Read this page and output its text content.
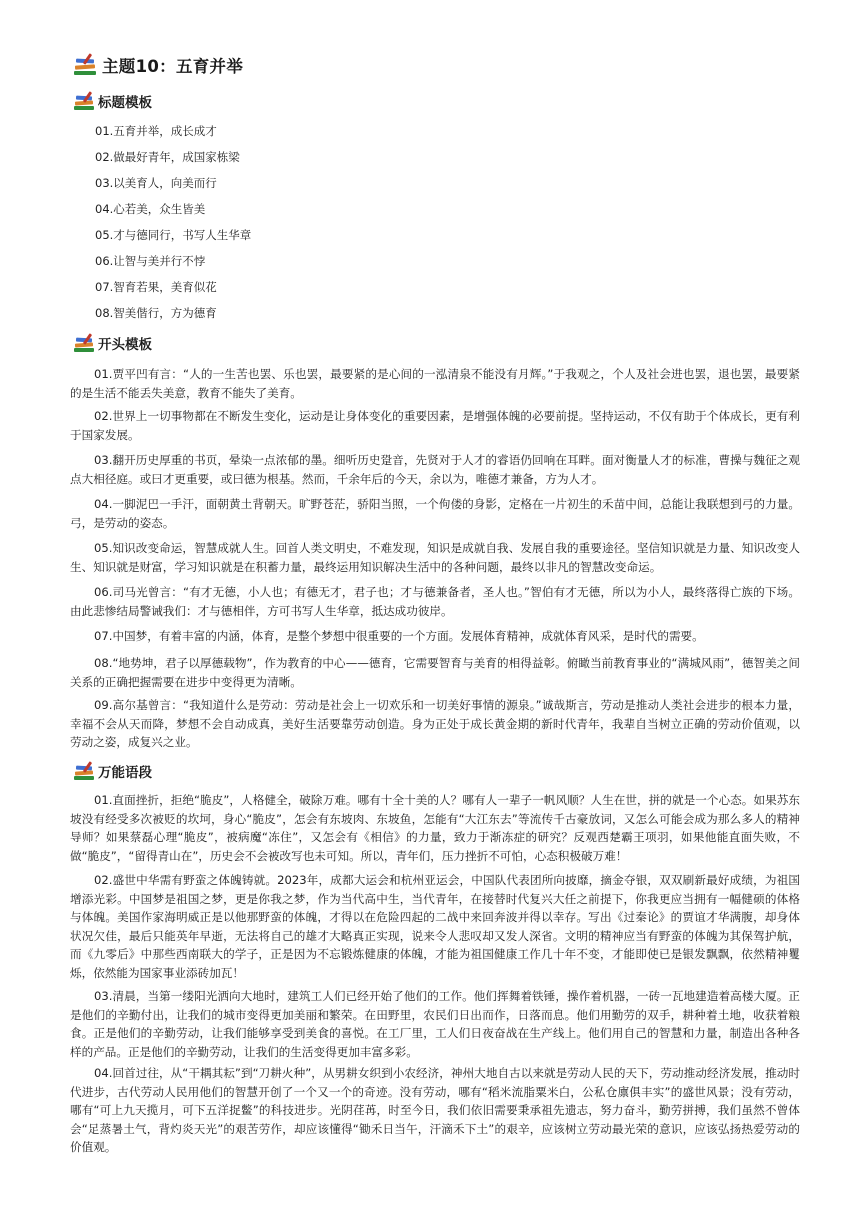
主题10：五育并举
标题模板
01.五育并举，成长成才
02.做最好青年，成国家栋梁
03.以美育人，向美而行
04.心若美，众生皆美
05.才与德同行，书写人生华章
06.让智与美并行不悖
07.智育若果，美育似花
08.智美偕行，方为德育
开头模板

01.贾平凹有言：“人的一生苦也罢、乐也罢，最要紧的是心间的一泓清泉不能没有月辉。”于我观之，个人及社会进也罢，退也罢，最要紧的是生活不能丢失美意，教育不能失了美育。

02.世界上一切事物都在不断发生变化，运动是让身体变化的重要因素，是增强体魄的必要前提。坚持运动，不仅有助于个体成长，更有利于国家发展。

03.翻开历史厚重的书页，晕染一点浓郁的墨。细听历史跫音，先贤对于人才的睿语仍回响在耳畔。面对衡量人才的标准，曹操与魏征之观点大相径庭。或曰才更重要，或曰德为根基。然而，千余年后的今天，余以为，唯德才兼备，方为人才。

04.一脚泥巴一手汗，面朝黄土背朝天。旷野苍茫，骄阳当照，一个佝偻的身影，定格在一片初生的禾苗中间，总能让我联想到弓的力量。弓，是劳动的姿态。

05.知识改变命运，智慧成就人生。回首人类文明史，不难发现，知识是成就自我、发展自我的重要途径。坚信知识就是力量、知识改变人生、知识就是财富，学习知识就是在积蓄力量，最终运用知识解决生活中的各种问题，最终以非凡的智慧改变命运。

06.司马光曾言：“有才无德，小人也；有德无才，君子也；才与德兼备者，圣人也。”智伯有才无德，所以为小人，最终落得亡族的下场。由此悲惨结局警诫我们：才与德相伴，方可书写人生华章，抵达成功彼岸。

07.中国梦，有着丰富的内涵，体育，是整个梦想中很重要的一个方面。发展体育精神，成就体育风采，是时代的需要。

08.“地势坤，君子以厚德载物”，作为教育的中心——德育，它需要智育与美育的相得益彰。俯瞰当前教育事业的“满城风雨”，德智美之间关系的正确把握需要在进步中变得更为清晰。

09.高尔基曾言：“我知道什么是劳动：劳动是社会上一切欢乐和一切美好事情的源泉。”诚哉斯言，劳动是推动人类社会进步的根本力量，幸福不会从天而降，梦想不会自动成真，美好生活要靠劳动创造。身为正处于成长黄金期的新时代青年，我辈自当树立正确的劳动价值观，以劳动之姿，成复兴之业。

万能语段

01.直面挫折，拒绝“脆皮”，人格健全，破除万难。哪有十全十美的人？哪有人一辈子一帆风顺？人生在世，拼的就是一个心态。如果苏东坡没有经受多次被贬的坎坷，身心“脆皮”，怎会有东坡肉、东坡鱼，怎能有“大江东去”等流传千古豪放词，又怎么可能会成为那么多人的精神导师？如果蔡磊心理“脆皮”，被病魔“冻住”，又怎会有《相信》的力量，致力于渐冻症的研究？反观西楚霸王项羽，如果他能直面失败，不做“脆皮”，“留得青山在”，历史会不会被改写也未可知。所以，青年们，压力挫折不可怕，心态积极破万难！

02.盛世中华需有野蛮之体魄铸就。2023年，成都大运会和杭州亚运会，中国队代表团所向披靡，摘金夺银，双双刷新最好成绩，为祖国增添光彩。中国梦是祖国之梦，更是你我之梦，作为当代高中生，当代青年，在接替时代复兴大任之前提下，你我更应当拥有一幅健硕的体格与体魄。美国作家海明威正是以他那野蛮的体魄，才得以在危险四起的二战中来回奔波并得以幸存。写出《过秦论》的贾谊才华满腹，却身体状况欠佳，最后只能英年早逝，无法将自己的雄才大略真正实现，说来令人悲叹却又发人深省。文明的精神应当有野蛮的体魄为其保驾护航，而《九零后》中那些西南联大的学子，正是因为不忘锻炼健康的体魄，才能为祖国健康工作几十年不变，才能即使已是银发飘飘，依然精神矍烁，依然能为国家事业添砖加瓦！

03.清晨，当第一缕阳光洒向大地时，建筑工人们已经开始了他们的工作。他们挥舞着铁锤，操作着机器，一砖一瓦地建造着高楼大厦。正是他们的辛勤付出，让我们的城市变得更加美丽和繁荣。在田野里，农民们日出而作，日落而息。他们用勤劳的双手，耕种着土地，收获着粮食。正是他们的辛勤劳动，让我们能够享受到美食的喜悦。在工厂里，工人们日夜奋战在生产线上。他们用自己的智慧和力量，制造出各种各样的产品。正是他们的辛勤劳动，让我们的生活变得更加丰富多彩。

04.回首过往，从“干耦其耘”到“刀耕火种”，从男耕女织到小农经济，神州大地自古以来就是劳动人民的天下，劳动推动经济发展，推动时代进步，古代劳动人民用他们的智慧开创了一个又一个的奇迹。没有劳动，哪有“稻米流脂粟米白，公私仓廪俱丰实”的盛世风景；没有劳动，哪有“可上九天揽月，可下五洋捉鳖”的科技进步。光阴荏苒，时至今日，我们依旧需要秉承祖先遗志，努力奋斗，勤劳拼搏，我们虽然不曾体会“足蒸暑土气，背灼炎天光”的艰苦劳作，却应该懂得“锄禾日当午，汗滴禾下土”的艰辛，应该树立劳动最光荣的意识，应该弘扬热爱劳动的价值观。
